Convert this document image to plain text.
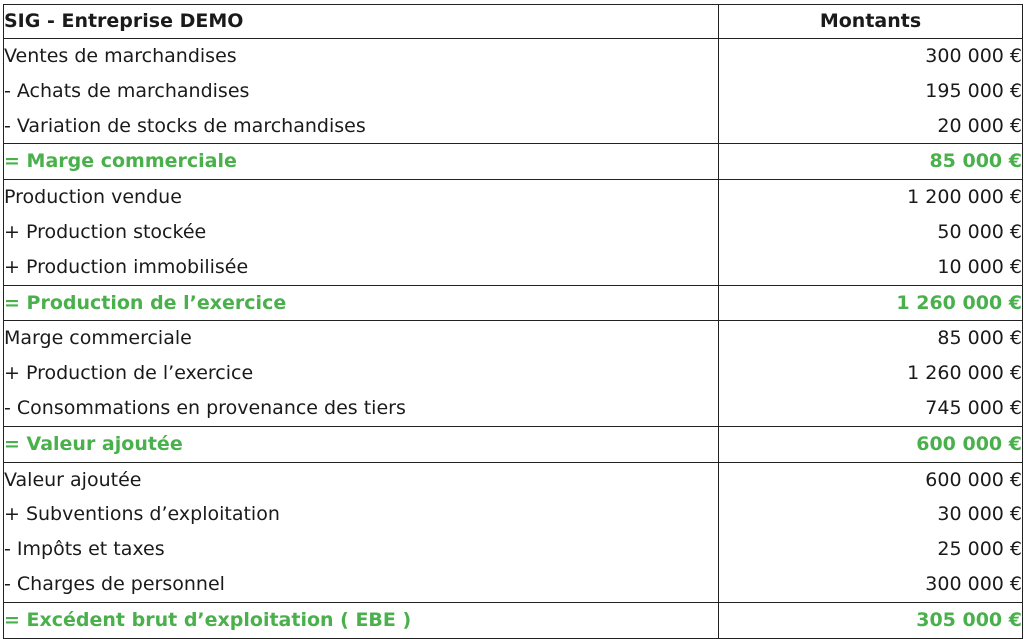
SIG - Entreprise DEMO	Montants
Ventes de marchandises	300 000 €
- Achats de marchandises	195 000 €
- Variation de stocks de marchandises	20 000 €
= Marge commerciale	85 000 €
Production vendue	1 200 000 €
+ Production stockée	50 000 €
+ Production immobilisée	10 000 €
= Production de l’exercice	1 260 000 €
Marge commerciale	85 000 €
+ Production de l’exercice	1 260 000 €
- Consommations en provenance des tiers	745 000 €
= Valeur ajoutée	600 000 €
Valeur ajoutée	600 000 €
+ Subventions d’exploitation	30 000 €
- Impôts et taxes	25 000 €
- Charges de personnel	300 000 €
= Excédent brut d’exploitation ( EBE )	305 000 €
